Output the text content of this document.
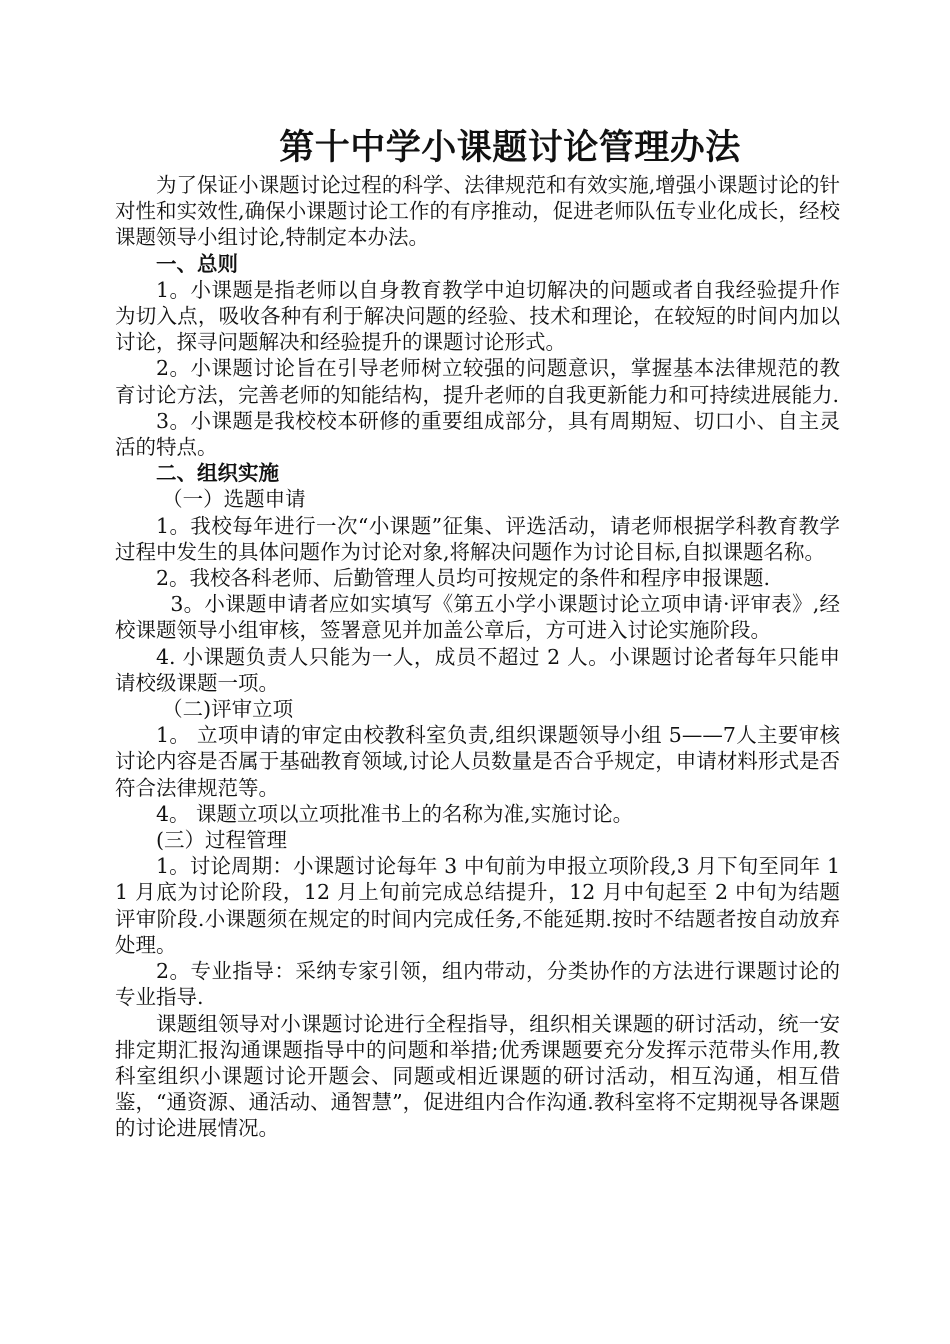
第十中学小课题讨论管理办法

为了保证小课题讨论过程的科学、法律规范和有效实施,增强小课题讨论的针对性和实效性,确保小课题讨论工作的有序推动，促进老师队伍专业化成长，经校课题领导小组讨论,特制定本办法。

一、总则

1。小课题是指老师以自身教育教学中迫切解决的问题或者自我经验提升作为切入点，吸收各种有利于解决问题的经验、技术和理论，在较短的时间内加以讨论，探寻问题解决和经验提升的课题讨论形式。

2。小课题讨论旨在引导老师树立较强的问题意识，掌握基本法律规范的教育讨论方法，完善老师的知能结构，提升老师的自我更新能力和可持续进展能力.

3。小课题是我校校本研修的重要组成部分，具有周期短、切口小、自主灵活的特点。

二、组织实施

（一）选题申请

1。我校每年进行一次“小课题”征集、评选活动，请老师根据学科教育教学过程中发生的具体问题作为讨论对象,将解决问题作为讨论目标,自拟课题名称。

2。我校各科老师、后勤管理人员均可按规定的条件和程序申报课题.

3。小课题申请者应如实填写《第五小学小课题讨论立项申请·评审表》,经校课题领导小组审核，签署意见并加盖公章后，方可进入讨论实施阶段。

4. 小课题负责人只能为一人，成员不超过 2 人。小课题讨论者每年只能申请校级课题一项。

（二)评审立项

1。 立项申请的审定由校教科室负责,组织课题领导小组 5——7人主要审核讨论内容是否属于基础教育领域,讨论人员数量是否合乎规定，申请材料形式是否符合法律规范等。

4。 课题立项以立项批准书上的名称为准,实施讨论。

(三）过程管理

1。讨论周期：小课题讨论每年 3 中旬前为申报立项阶段,3 月下旬至同年 11 月底为讨论阶段，12 月上旬前完成总结提升，12 月中旬起至 2 中旬为结题评审阶段.小课题须在规定的时间内完成任务,不能延期.按时不结题者按自动放弃处理。

2。专业指导：采纳专家引领，组内带动，分类协作的方法进行课题讨论的专业指导.

课题组领导对小课题讨论进行全程指导，组织相关课题的研讨活动，统一安排定期汇报沟通课题指导中的问题和举措;优秀课题要充分发挥示范带头作用,教科室组织小课题讨论开题会、同题或相近课题的研讨活动，相互沟通，相互借鉴，“通资源、通活动、通智慧”，促进组内合作沟通.教科室将不定期视导各课题的讨论进展情况。
